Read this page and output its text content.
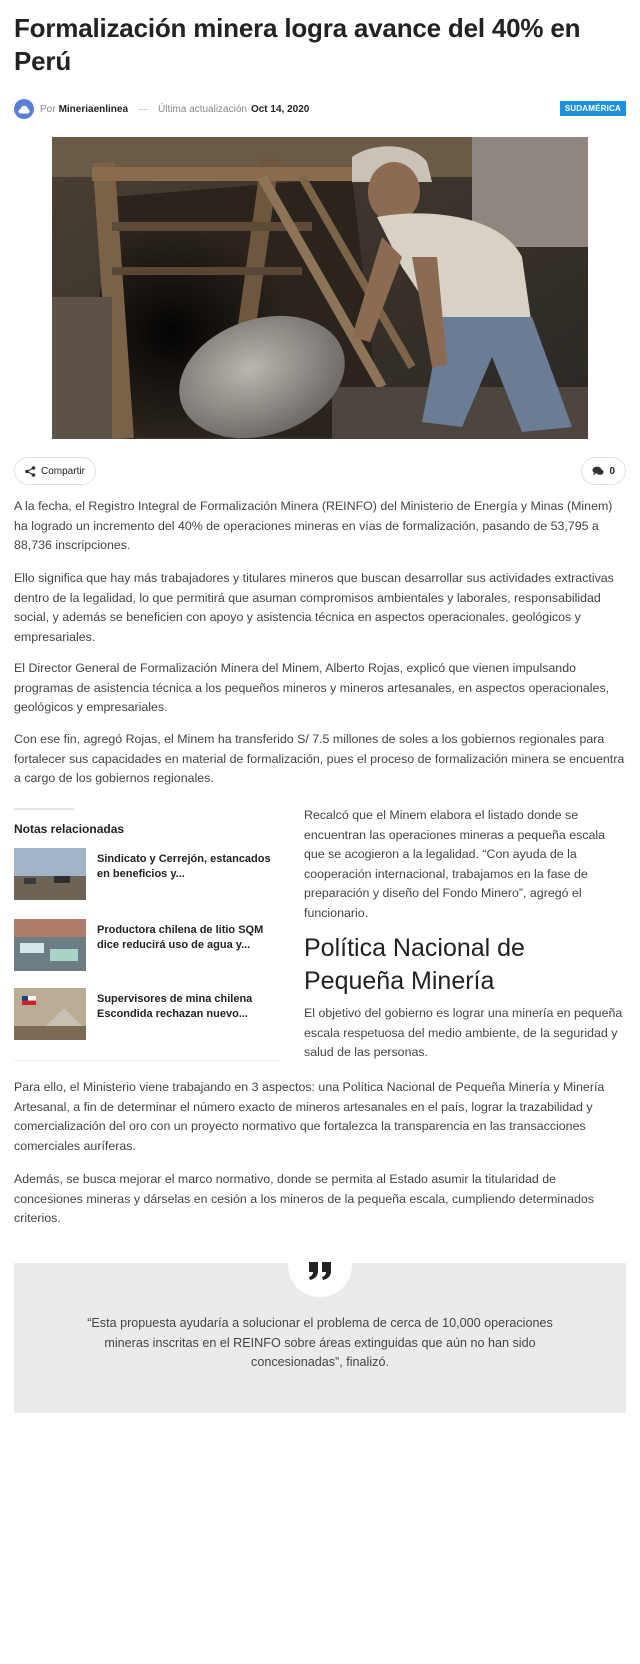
Formalización minera logra avance del 40% en Perú
Por Mineriaenlinea — Última actualización Oct 14, 2020	SUDAMÉRICA
Compartir	0

A la fecha, el Registro Integral de Formalización Minera (REINFO) del Ministerio de Energía y Minas (Minem) ha logrado un incremento del 40% de operaciones mineras en vías de formalización, pasando de 53,795 a 88,736 inscripciones.

Ello significa que hay más trabajadores y titulares mineros que buscan desarrollar sus actividades extractivas dentro de la legalidad, lo que permitirá que asuman compromisos ambientales y laborales, responsabilidad social, y además se beneficien con apoyo y asistencia técnica en aspectos operacionales, geológicos y empresariales.

El Director General de Formalización Minera del Minem, Alberto Rojas, explicó que vienen impulsando programas de asistencia técnica a los pequeños mineros y mineros artesanales, en aspectos operacionales, geológicos y empresariales.

Con ese fin, agregó Rojas, el Minem ha transferido S/ 7.5 millones de soles a los gobiernos regionales para fortalecer sus capacidades en material de formalización, pues el proceso de formalización minera se encuentra a cargo de los gobiernos regionales.

Notas relacionadas
Sindicato y Cerrejón, estancados en beneficios y...
Productora chilena de litio SQM dice reducirá uso de agua y...
Supervisores de mina chilena Escondida rechazan nuevo...

Recalcó que el Minem elabora el listado donde se encuentran las operaciones mineras a pequeña escala que se acogieron a la legalidad. “Con ayuda de la cooperación internacional, trabajamos en la fase de preparación y diseño del Fondo Minero”, agregó el funcionario.

Política Nacional de Pequeña Minería

El objetivo del gobierno es lograr una minería en pequeña escala respetuosa del medio ambiente, de la seguridad y salud de las personas.

Para ello, el Ministerio viene trabajando en 3 aspectos: una Política Nacional de Pequeña Minería y Minería Artesanal, a fin de determinar el número exacto de mineros artesanales en el país, lograr la trazabilidad y comercialización del oro con un proyecto normativo que fortalezca la transparencia en las transacciones comerciales auríferas.

Además, se busca mejorar el marco normativo, donde se permita al Estado asumir la titularidad de concesiones mineras y dárselas en cesión a los mineros de la pequeña escala, cumpliendo determinados criterios.

“Esta propuesta ayudaría a solucionar el problema de cerca de 10,000 operaciones mineras inscritas en el REINFO sobre áreas extinguidas que aún no han sido concesionadas”, finalizó.
